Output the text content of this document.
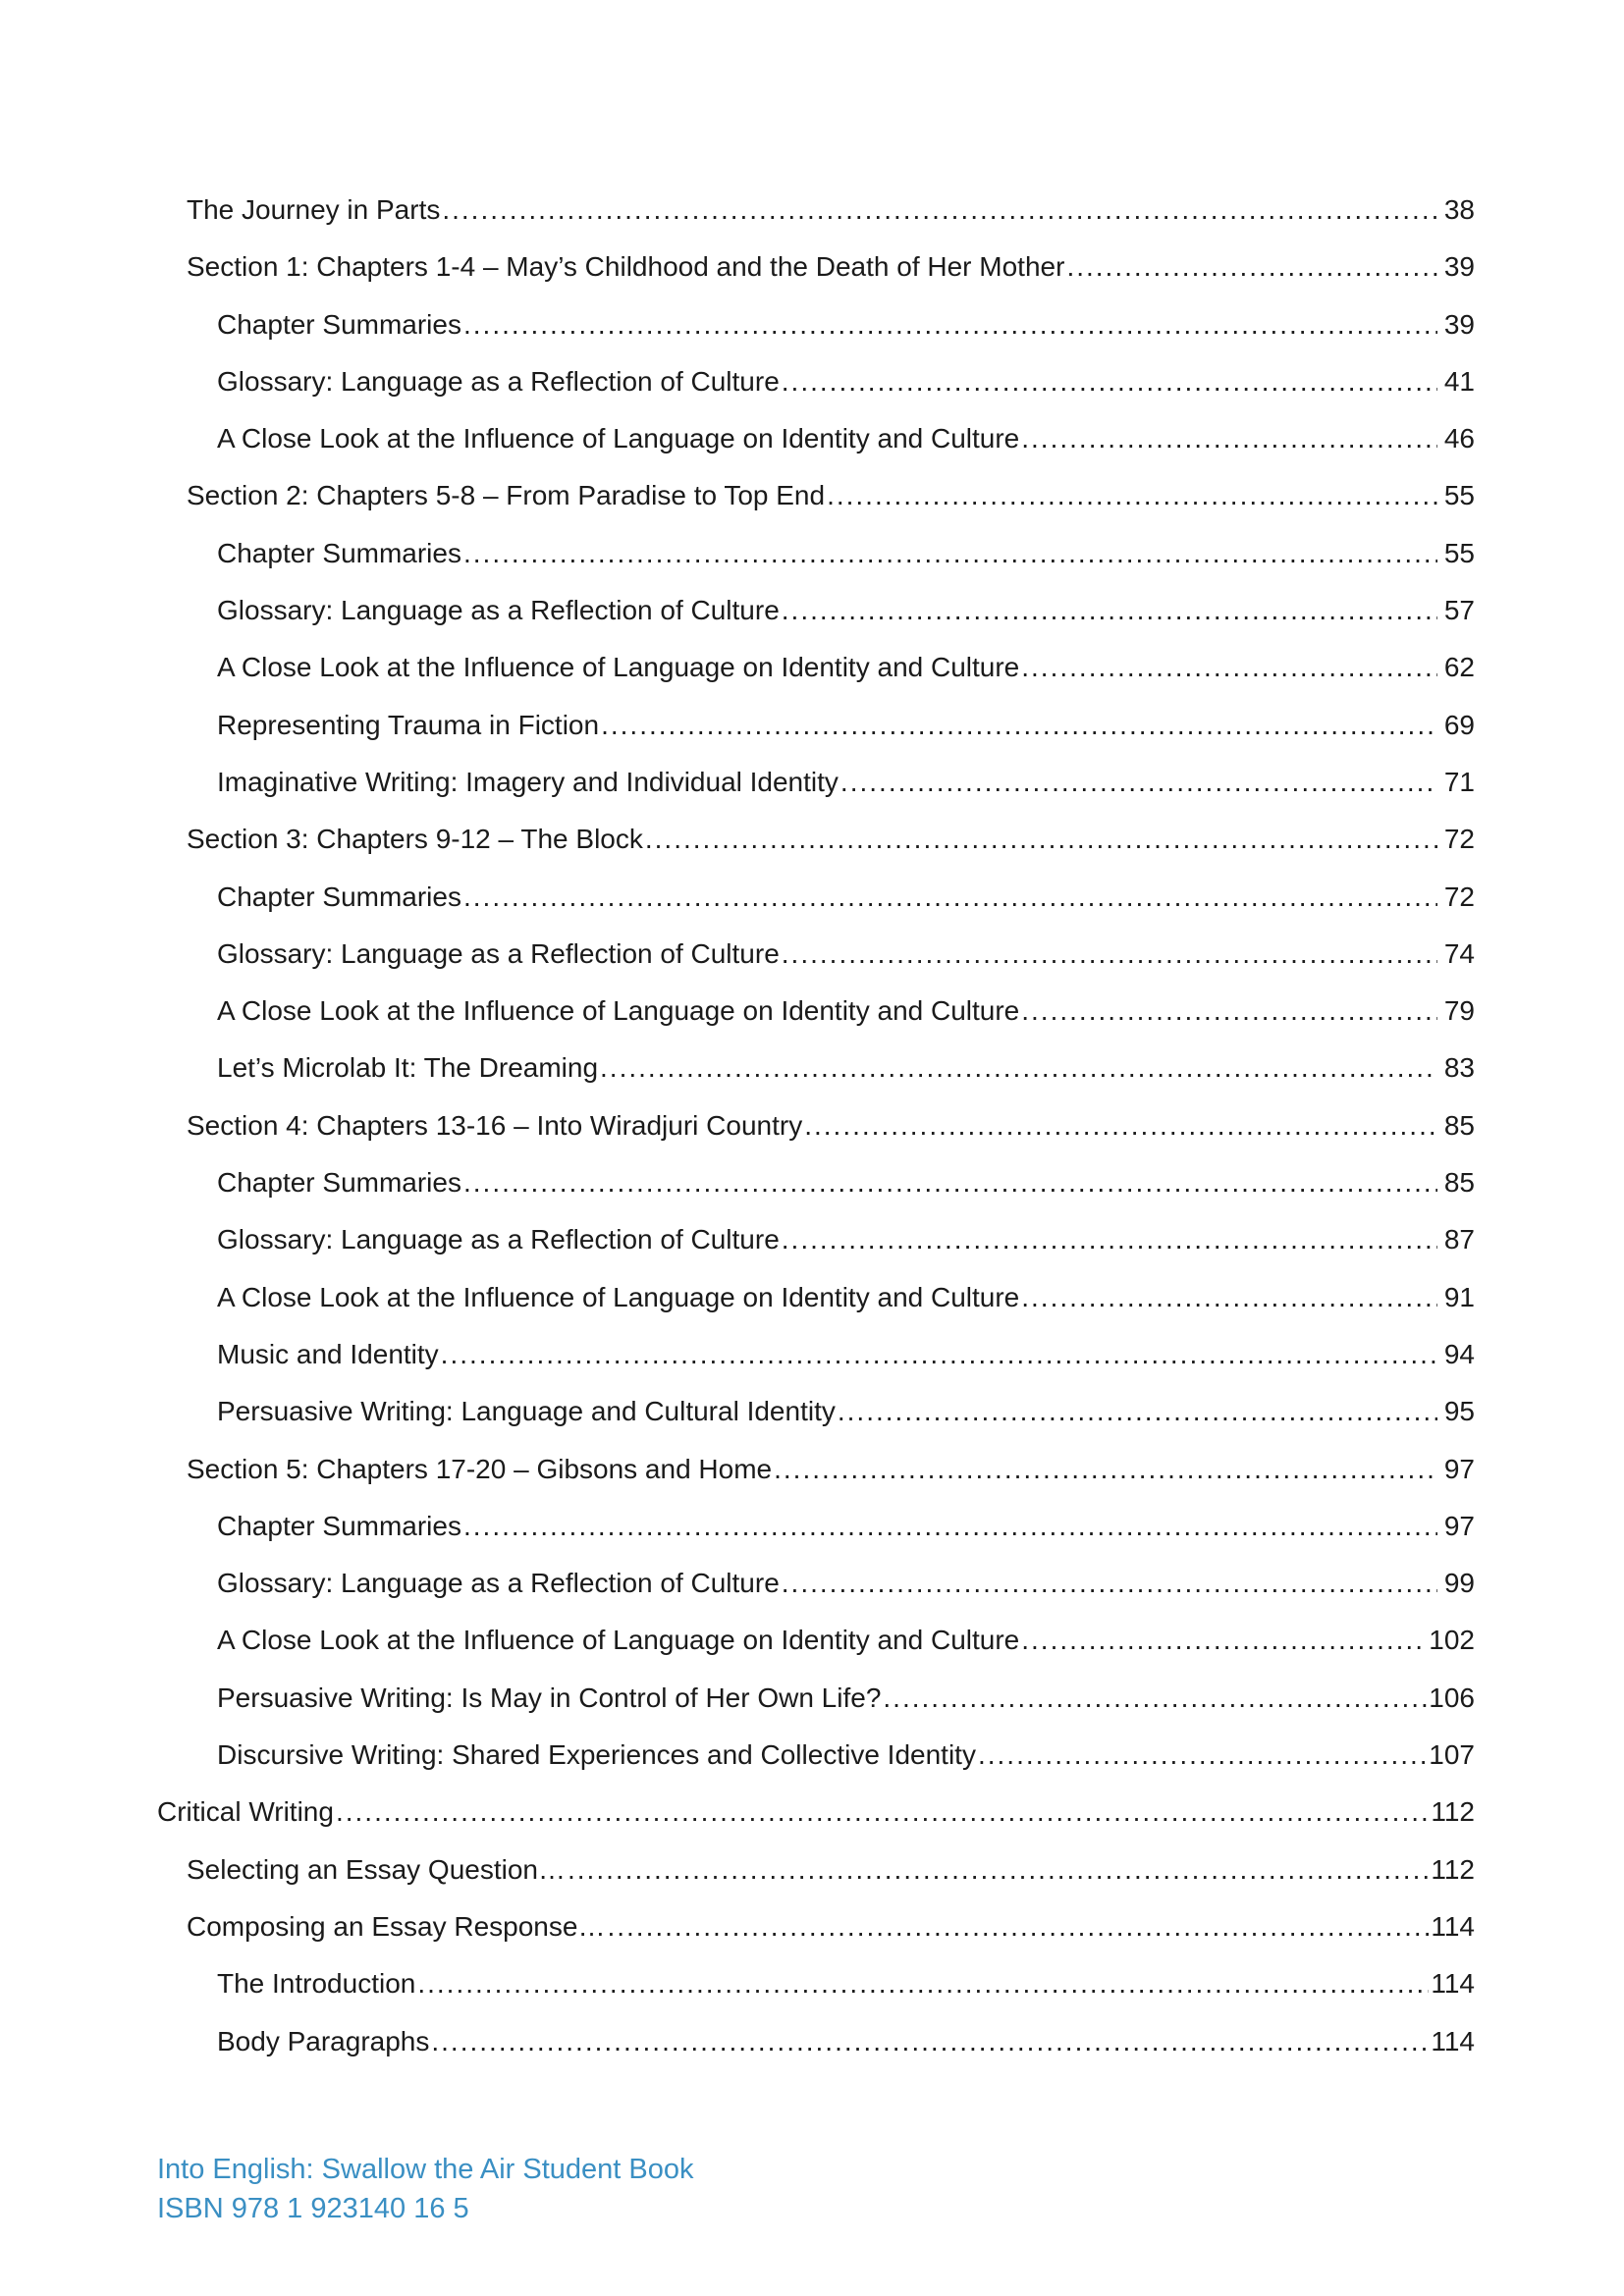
The Journey in Parts .....	38
Section 1: Chapters 1-4 – May’s Childhood and the Death of Her Mother .....	39
Chapter Summaries .....	39
Glossary: Language as a Reflection of Culture .....	41
A Close Look at the Influence of Language on Identity and Culture .....	46
Section 2: Chapters 5-8 – From Paradise to Top End .....	55
Chapter Summaries .....	55
Glossary: Language as a Reflection of Culture .....	57
A Close Look at the Influence of Language on Identity and Culture .....	62
Representing Trauma in Fiction .....	69
Imaginative Writing: Imagery and Individual Identity .....	71
Section 3: Chapters 9-12 – The Block .....	72
Chapter Summaries .....	72
Glossary: Language as a Reflection of Culture .....	74
A Close Look at the Influence of Language on Identity and Culture .....	79
Let’s Microlab It: The Dreaming .....	83
Section 4: Chapters 13-16 – Into Wiradjuri Country .....	85
Chapter Summaries .....	85
Glossary: Language as a Reflection of Culture .....	87
A Close Look at the Influence of Language on Identity and Culture .....	91
Music and Identity .....	94
Persuasive Writing: Language and Cultural Identity .....	95
Section 5: Chapters 17-20 – Gibsons and Home .....	97
Chapter Summaries .....	97
Glossary: Language as a Reflection of Culture .....	99
A Close Look at the Influence of Language on Identity and Culture .....	102
Persuasive Writing: Is May in Control of Her Own Life? .....	106
Discursive Writing: Shared Experiences and Collective Identity .....	107
Critical Writing .....	112
Selecting an Essay Question… .....	112
Composing an Essay Response… .....	114
The Introduction .....	114
Body Paragraphs .....	114
Into English: Swallow the Air Student Book
ISBN 978 1 923140 16 5
